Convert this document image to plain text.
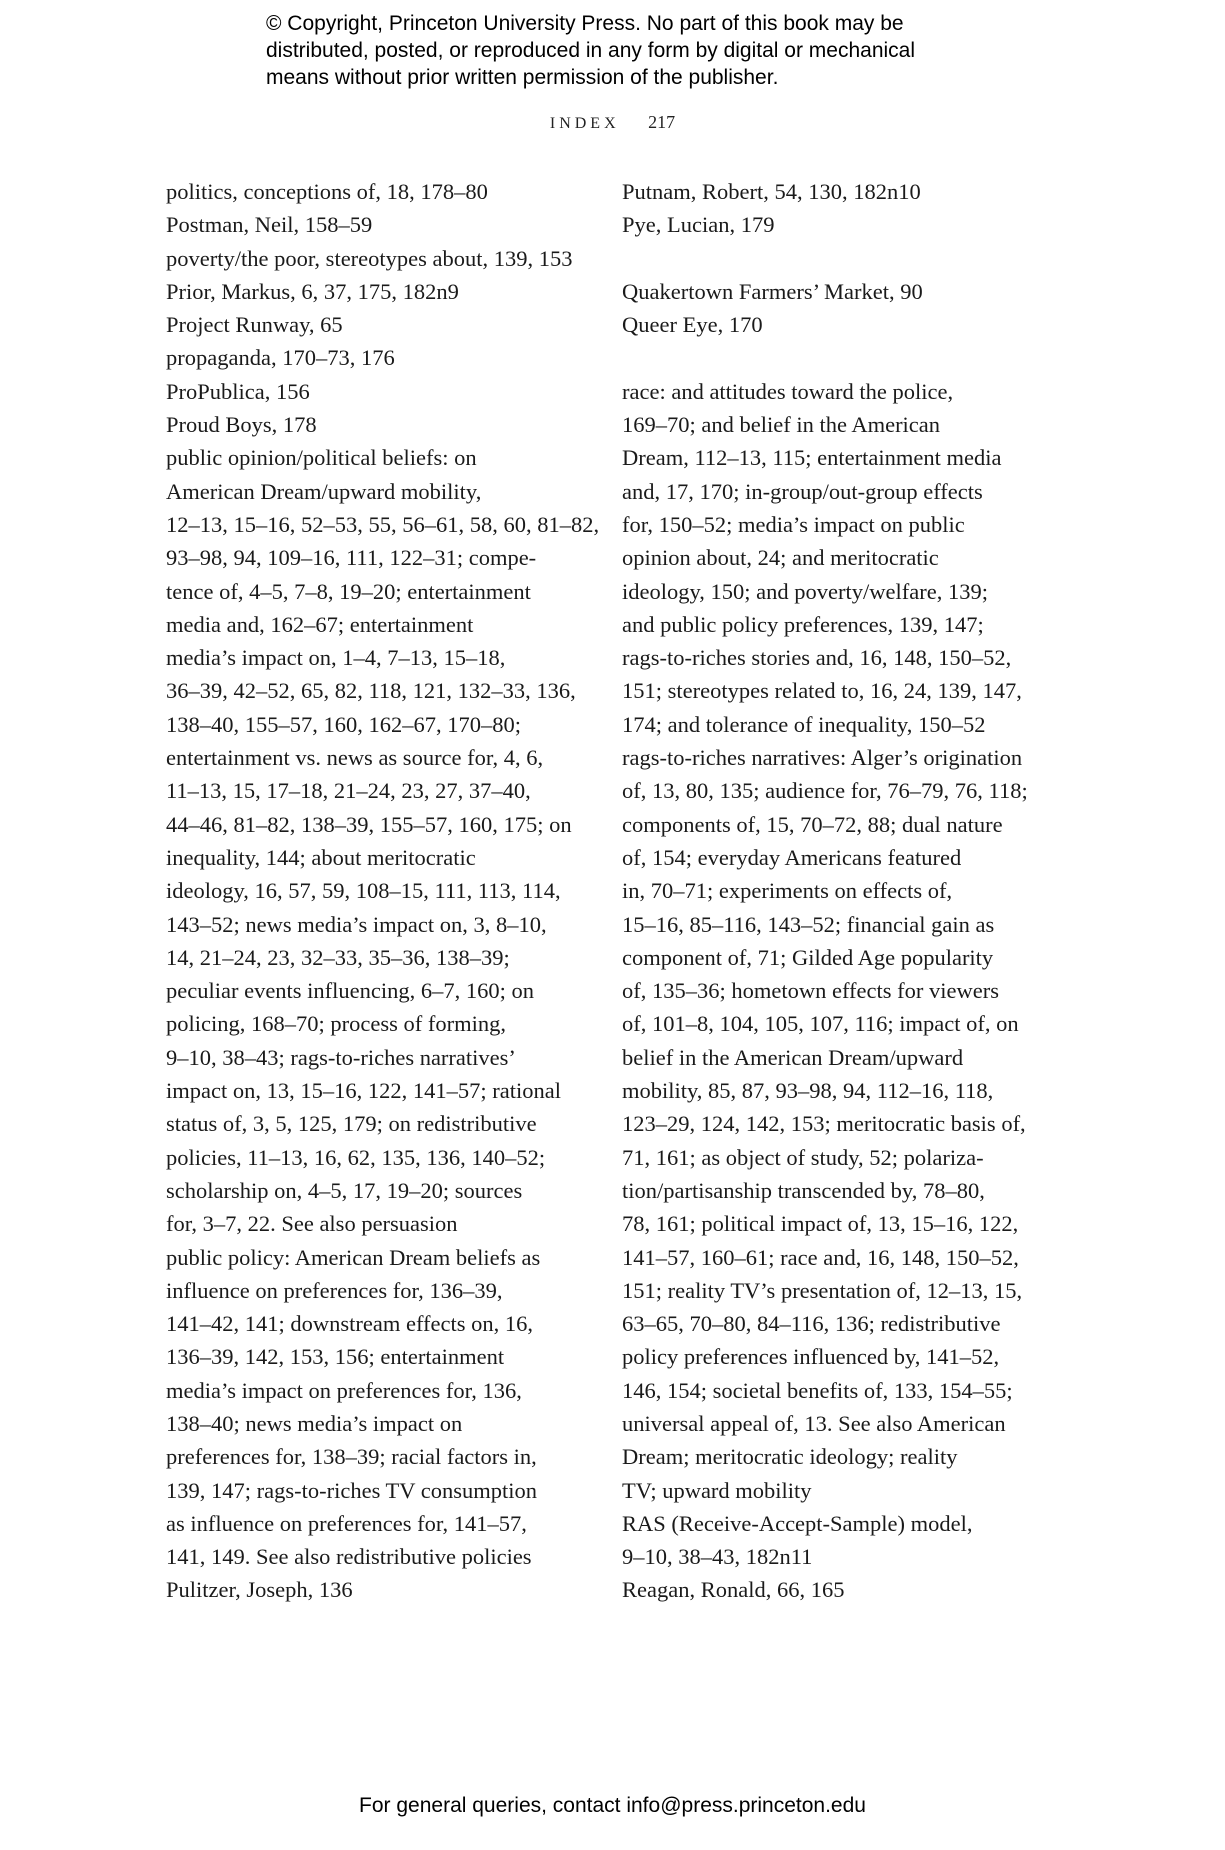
© Copyright, Princeton University Press. No part of this book may be
distributed, posted, or reproduced in any form by digital or mechanical
means without prior written permission of the publisher.
INDEX 217
politics, conceptions of, 18, 178–80
Postman, Neil, 158–59
poverty/the poor, stereotypes about, 139, 153
Prior, Markus, 6, 37, 175, 182n9
Project Runway, 65
propaganda, 170–73, 176
ProPublica, 156
Proud Boys, 178
public opinion/political beliefs: on
American Dream/upward mobility,
12–13, 15–16, 52–53, 55, 56–61, 58, 60, 81–82,
93–98, 94, 109–16, 111, 122–31; compe-
tence of, 4–5, 7–8, 19–20; entertainment
media and, 162–67; entertainment
media’s impact on, 1–4, 7–13, 15–18,
36–39, 42–52, 65, 82, 118, 121, 132–33, 136,
138–40, 155–57, 160, 162–67, 170–80;
entertainment vs. news as source for, 4, 6,
11–13, 15, 17–18, 21–24, 23, 27, 37–40,
44–46, 81–82, 138–39, 155–57, 160, 175; on
inequality, 144; about meritocratic
ideology, 16, 57, 59, 108–15, 111, 113, 114,
143–52; news media’s impact on, 3, 8–10,
14, 21–24, 23, 32–33, 35–36, 138–39;
peculiar events influencing, 6–7, 160; on
policing, 168–70; process of forming,
9–10, 38–43; rags-to-riches narratives’
impact on, 13, 15–16, 122, 141–57; rational
status of, 3, 5, 125, 179; on redistributive
policies, 11–13, 16, 62, 135, 136, 140–52;
scholarship on, 4–5, 17, 19–20; sources
for, 3–7, 22. See also persuasion
public policy: American Dream beliefs as
influence on preferences for, 136–39,
141–42, 141; downstream effects on, 16,
136–39, 142, 153, 156; entertainment
media’s impact on preferences for, 136,
138–40; news media’s impact on
preferences for, 138–39; racial factors in,
139, 147; rags-to-riches TV consumption
as influence on preferences for, 141–57,
141, 149. See also redistributive policies
Pulitzer, Joseph, 136
Putnam, Robert, 54, 130, 182n10
Pye, Lucian, 179
Quakertown Farmers’ Market, 90
Queer Eye, 170
race: and attitudes toward the police,
169–70; and belief in the American
Dream, 112–13, 115; entertainment media
and, 17, 170; in-group/out-group effects
for, 150–52; media’s impact on public
opinion about, 24; and meritocratic
ideology, 150; and poverty/welfare, 139;
and public policy preferences, 139, 147;
rags-to-riches stories and, 16, 148, 150–52,
151; stereotypes related to, 16, 24, 139, 147,
174; and tolerance of inequality, 150–52
rags-to-riches narratives: Alger’s origination
of, 13, 80, 135; audience for, 76–79, 76, 118;
components of, 15, 70–72, 88; dual nature
of, 154; everyday Americans featured
in, 70–71; experiments on effects of,
15–16, 85–116, 143–52; financial gain as
component of, 71; Gilded Age popularity
of, 135–36; hometown effects for viewers
of, 101–8, 104, 105, 107, 116; impact of, on
belief in the American Dream/upward
mobility, 85, 87, 93–98, 94, 112–16, 118,
123–29, 124, 142, 153; meritocratic basis of,
71, 161; as object of study, 52; polariza-
tion/partisanship transcended by, 78–80,
78, 161; political impact of, 13, 15–16, 122,
141–57, 160–61; race and, 16, 148, 150–52,
151; reality TV’s presentation of, 12–13, 15,
63–65, 70–80, 84–116, 136; redistributive
policy preferences influenced by, 141–52,
146, 154; societal benefits of, 133, 154–55;
universal appeal of, 13. See also American
Dream; meritocratic ideology; reality
TV; upward mobility
RAS (Receive-Accept-Sample) model,
9–10, 38–43, 182n11
Reagan, Ronald, 66, 165
For general queries, contact info@press.princeton.edu
